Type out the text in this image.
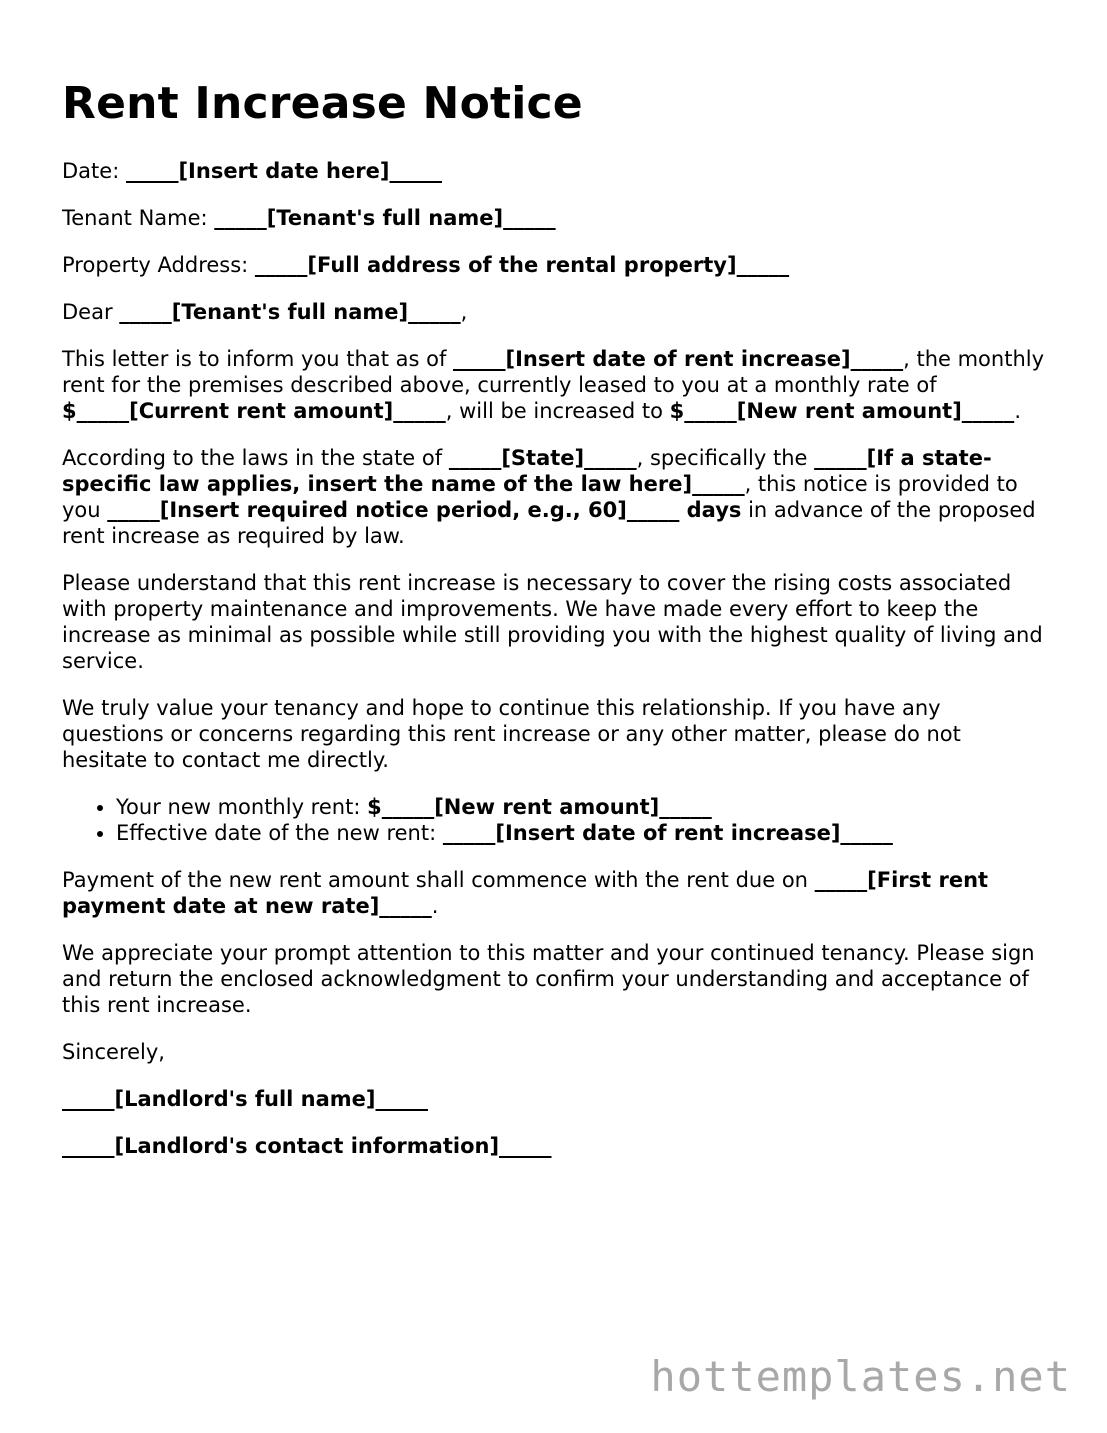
Rent Increase Notice

Date: _____[Insert date here]_____

Tenant Name: _____[Tenant's full name]_____

Property Address: _____[Full address of the rental property]_____

Dear _____[Tenant's full name]_____,

This letter is to inform you that as of _____[Insert date of rent increase]_____, the monthly rent for the premises described above, currently leased to you at a monthly rate of $_____[Current rent amount]_____, will be increased to $_____[New rent amount]_____.

According to the laws in the state of _____[State]_____, specifically the _____[If a state-specific law applies, insert the name of the law here]_____, this notice is provided to you _____[Insert required notice period, e.g., 60]_____ days in advance of the proposed rent increase as required by law.

Please understand that this rent increase is necessary to cover the rising costs associated with property maintenance and improvements. We have made every effort to keep the increase as minimal as possible while still providing you with the highest quality of living and service.

We truly value your tenancy and hope to continue this relationship. If you have any questions or concerns regarding this rent increase or any other matter, please do not hesitate to contact me directly.

• Your new monthly rent: $_____[New rent amount]_____
• Effective date of the new rent: _____[Insert date of rent increase]_____

Payment of the new rent amount shall commence with the rent due on _____[First rent payment date at new rate]_____.

We appreciate your prompt attention to this matter and your continued tenancy. Please sign and return the enclosed acknowledgment to confirm your understanding and acceptance of this rent increase.

Sincerely,

_____[Landlord's full name]_____

_____[Landlord's contact information]_____

hottemplates.net
